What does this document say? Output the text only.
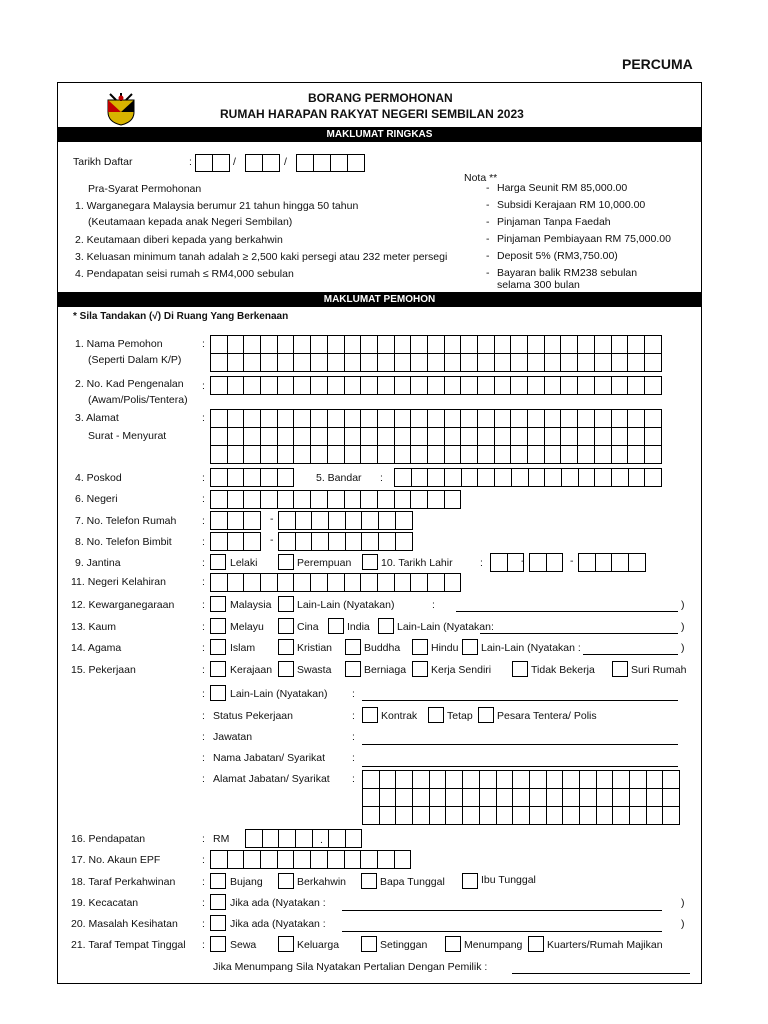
PERCUMA
BORANG PERMOHONAN
RUMAH HARAPAN RAKYAT NEGERI SEMBILAN 2023
MAKLUMAT RINGKAS
Tarikh Daftar	:	/	/
Pra-Syarat Permohonan
1. Warganegara Malaysia berumur 21 tahun hingga 50 tahun
(Keutamaan kepada anak Negeri Sembilan)
2. Keutamaan diberi kepada yang berkahwin
3. Keluasan minimum tanah adalah ≥ 2,500 kaki persegi atau 232 meter persegi
4. Pendapatan seisi rumah ≤ RM4,000 sebulan
Nota **
- Harga Seunit RM 85,000.00
- Subsidi Kerajaan RM 10,000.00
- Pinjaman Tanpa Faedah
- Pinjaman Pembiayaan RM 75,000.00
- Deposit 5% (RM3,750.00)
- Bayaran balik RM238 sebulan
selama 300 bulan
MAKLUMAT PEMOHON
* Sila Tandakan (√) Di Ruang Yang Berkenaan
1. Nama Pemohon
(Seperti Dalam K/P)
:
2. No. Kad Pengenalan
(Awam/Polis/Tentera)
:
3. Alamat
Surat - Menyurat
:
4. Poskod	:	5. Bandar :
6. Negeri	:
7. No. Telefon Rumah :	-
8. No. Telefon Bimbit	:	-
9. Jantina	: Lelaki	Perempuan	10. Tarikh Lahir	:	-	-
11. Negeri Kelahiran	:
12. Kewarganegaraan	: Malaysia Lain-Lain (Nyatakan)	:	)
13. Kaum	: Melayu	Cina	India	Lain-Lain (Nyatakan:	)
14. Agama	: Islam	Kristian	Buddha	Hindu Lain-Lain (Nyatakan :	)
15. Pekerjaan	: Kerajaan Swasta	Berniaga Kerja Sendiri	Tidak Bekerja	Suri Rumah
: Lain-Lain (Nyatakan) :
: Status Pekerjaan	: Kontrak	Tetap Pesara Tentera/ Polis
: Jawatan	:
: Nama Jabatan/ Syarikat	:
: Alamat Jabatan/ Syarikat :
16. Pendapatan	: RM	.
17. No. Akaun EPF	:
18. Taraf Perkahwinan	: Bujang	Berkahwin	Bapa Tunggal	Ibu Tunggal
19. Kecacatan	: Jika ada (Nyatakan :	)
20. Masalah Kesihatan : Jika ada (Nyatakan :	)
21. Taraf Tempat Tinggal : Sewa	Keluarga	Setinggan	Menumpang Kuarters/Rumah Majikan
Jika Menumpang Sila Nyatakan Pertalian Dengan Pemilik :
